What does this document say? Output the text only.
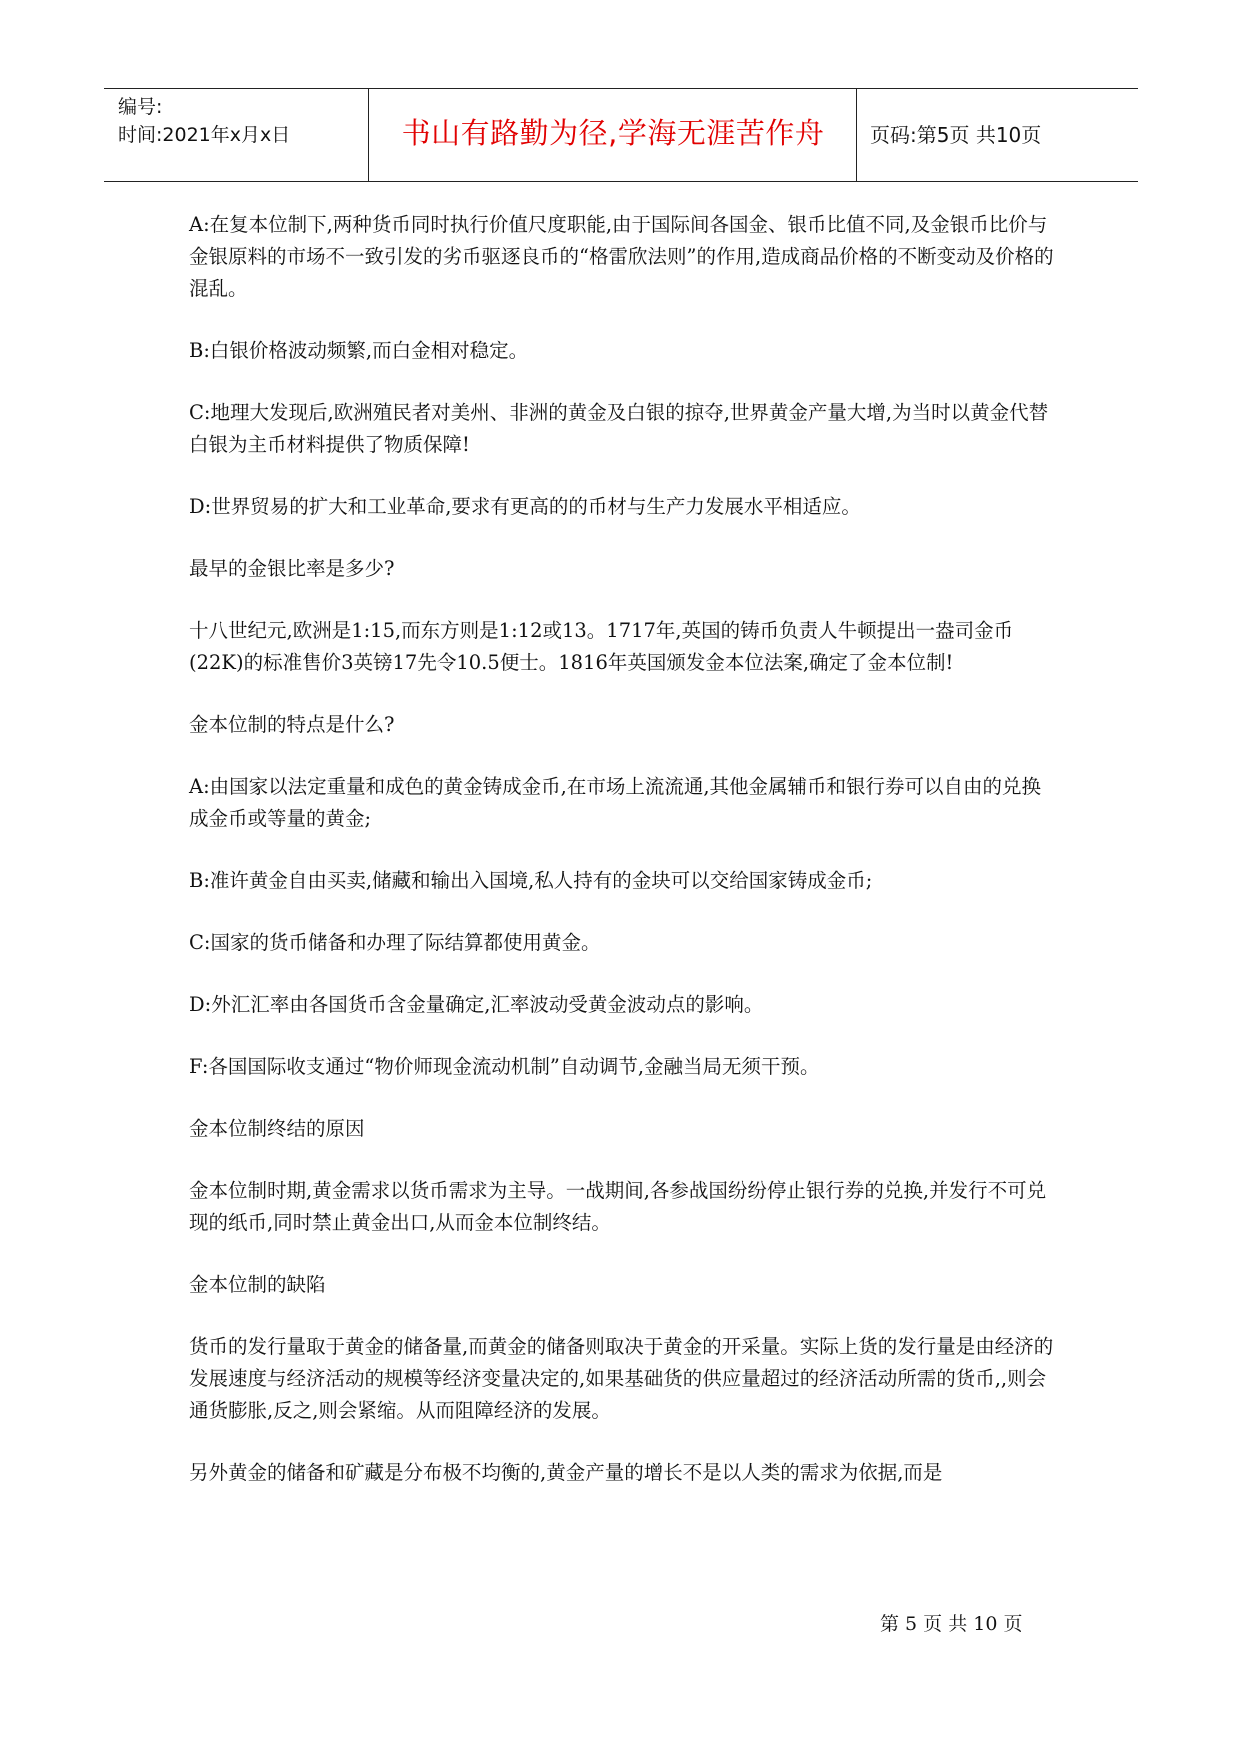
编号:
时间:2021年x月x日	书山有路勤为径,学海无涯苦作舟	页码:第5页 共10页

A:在复本位制下,两种货币同时执行价值尺度职能,由于国际间各国金、银币比值不同,及金银币比价与金银原料的市场不一致引发的劣币驱逐良币的“格雷欣法则”的作用,造成商品价格的不断变动及价格的混乱。

B:白银价格波动频繁,而白金相对稳定。

C:地理大发现后,欧洲殖民者对美州、非洲的黄金及白银的掠夺,世界黄金产量大增,为当时以黄金代替白银为主币材料提供了物质保障!

D:世界贸易的扩大和工业革命,要求有更高的的币材与生产力发展水平相适应。

最早的金银比率是多少?

十八世纪元,欧洲是1:15,而东方则是1:12或13。1717年,英国的铸币负责人牛顿提出一盎司金币(22K)的标准售价3英镑17先令10.5便士。1816年英国颁发金本位法案,确定了金本位制!

金本位制的特点是什么?

A:由国家以法定重量和成色的黄金铸成金币,在市场上流流通,其他金属辅币和银行券可以自由的兑换成金币或等量的黄金;

B:准许黄金自由买卖,储藏和输出入国境,私人持有的金块可以交给国家铸成金币;

C:国家的货币储备和办理了际结算都使用黄金。

D:外汇汇率由各国货币含金量确定,汇率波动受黄金波动点的影响。

F:各国国际收支通过“物价师现金流动机制”自动调节,金融当局无须干预。

金本位制终结的原因

金本位制时期,黄金需求以货币需求为主导。一战期间,各参战国纷纷停止银行券的兑换,并发行不可兑现的纸币,同时禁止黄金出口,从而金本位制终结。

金本位制的缺陷

货币的发行量取于黄金的储备量,而黄金的储备则取决于黄金的开采量。实际上货的发行量是由经济的发展速度与经济活动的规模等经济变量决定的,如果基础货的供应量超过的经济活动所需的货币,,则会通货膨胀,反之,则会紧缩。从而阻障经济的发展。

另外黄金的储备和矿藏是分布极不均衡的,黄金产量的增长不是以人类的需求为依据,而是

第 5 页 共 10 页
